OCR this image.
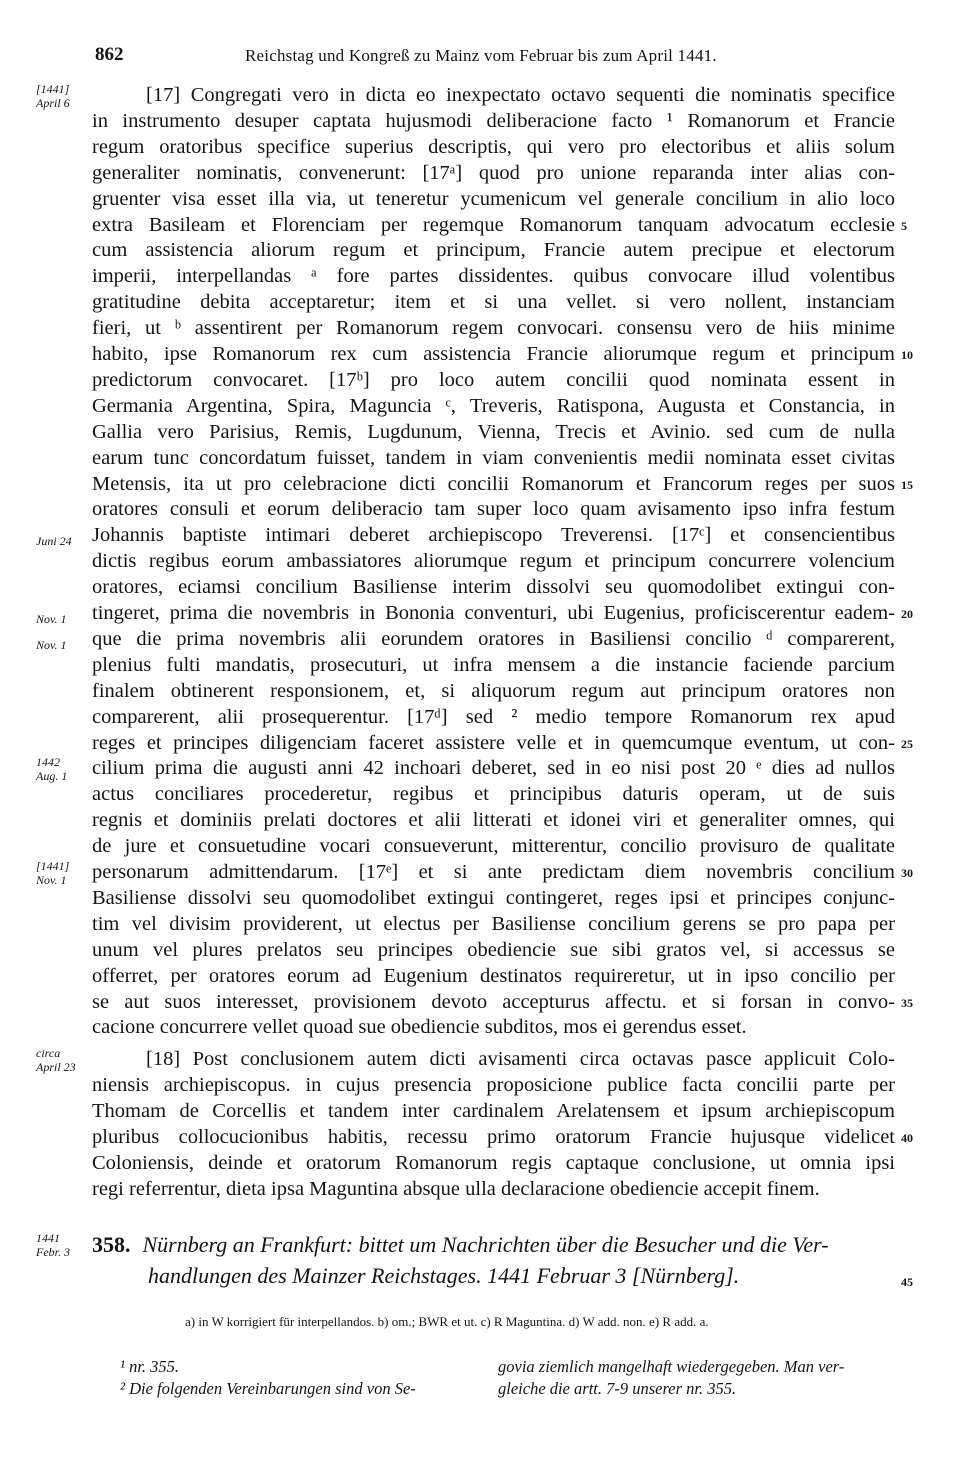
862	Reichstag und Kongreß zu Mainz vom Februar bis zum April 1441.
[17] Congregati vero in dicta eo inexpectato octavo sequenti die nominatis specifice
in instrumento desuper captata hujusmodi deliberacione facto ¹ Romanorum et Francie
regum oratoribus specifice superius descriptis, qui vero pro electoribus et aliis solum
generaliter nominatis, convenerunt: [17ᵃ] quod pro unione reparanda inter alias con-
gruenter visa esset illa via, ut teneretur ycumenicum vel generale concilium in alio loco
extra Basileam et Florenciam per regemque Romanorum tanquam advocatum ecclesie
cum assistencia aliorum regum et principum, Francie autem precipue et electorum
imperii, interpellandas ᵃ fore partes dissidentes. quibus convocare illud volentibus
gratitudine debita acceptaretur; item et si una vellet. si vero nollent, instanciam
fieri, ut ᵇ assentirent per Romanorum regem convocari. consensu vero de hiis minime
habito, ipse Romanorum rex cum assistencia Francie aliorumque regum et principum
predictorum convocaret. [17ᵇ] pro loco autem concilii quod nominata essent in
Germania Argentina, Spira, Maguncia ᶜ, Treveris, Ratispona, Augusta et Constancia, in
Gallia vero Parisius, Remis, Lugdunum, Vienna, Trecis et Avinio. sed cum de nulla
earum tunc concordatum fuisset, tandem in viam convenientis medii nominata esset civitas
Metensis, ita ut pro celebracione dicti concilii Romanorum et Francorum reges per suos
oratores consuli et eorum deliberacio tam super loco quam avisamento ipso infra festum
Johannis baptiste intimari deberet archiepiscopo Treverensi. [17ᶜ] et consencientibus
dictis regibus eorum ambassiatores aliorumque regum et principum concurrere volencium
oratores, eciamsi concilium Basiliense interim dissolvi seu quomodolibet extingui con-
tingeret, prima die novembris in Bononia conventuri, ubi Eugenius, proficiscerentur eadem-
que die prima novembris alii eorundem oratores in Basiliensi concilio ᵈ comparerent,
plenius fulti mandatis, prosecuturi, ut infra mensem a die instancie faciende parcium
finalem obtinerent responsionem, et, si aliquorum regum aut principum oratores non
comparerent, alii prosequerentur. [17ᵈ] sed ² medio tempore Romanorum rex apud
reges et principes diligenciam faceret assistere velle et in quemcumque eventum, ut con-
cilium prima die augusti anni 42 inchoari deberet, sed in eo nisi post 20 ᵉ dies ad nullos
actus conciliares procederetur, regibus et principibus daturis operam, ut de suis
regnis et dominiis prelati doctores et alii litterati et idonei viri et generaliter omnes, qui
de jure et consuetudine vocari consueverunt, mitterentur, concilio provisuro de qualitate
personarum admittendarum. [17ᵉ] et si ante predictam diem novembris concilium
Basiliense dissolvi seu quomodolibet extingui contingeret, reges ipsi et principes conjunc-
tim vel divisim providerent, ut electus per Basiliense concilium gerens se pro papa per
unum vel plures prelatos seu principes obediencie sue sibi gratos vel, si accessus se
offerret, per oratores eorum ad Eugenium destinatos requireretur, ut in ipso concilio per
se aut suos interesset, provisionem devoto accepturus affectu. et si forsan in convo-
cacione concurrere vellet quoad sue obediencie subditos, mos ei gerendus esset.
[18] Post conclusionem autem dicti avisamenti circa octavas pasce applicuit Colo-
niensis archiepiscopus. in cujus presencia proposicione publice facta concilii parte per
Thomam de Corcellis et tandem inter cardinalem Arelatensem et ipsum archiepiscopum
pluribus collocucionibus habitis, recessu primo oratorum Francie hujusque videlicet
Coloniensis, deinde et oratorum Romanorum regis captaque conclusione, ut omnia ipsi
regi referrentur, dieta ipsa Maguntina absque ulla declaracione obediencie accepit finem.
[1441]
April 6
Juni 24
Nov. 1
Nov. 1
1442
Aug. 1
[1441]
Nov. 1
circa
April 23
5
10
15
20
25
30
35
40
1441
Febr. 3 358. Nürnberg an Frankfurt: bittet um Nachrichten über die Besucher und die Ver-
handlungen des Mainzer Reichstages. 1441 Februar 3 [Nürnberg].	45
a) in W korrigiert für interpellandos. b) om.; BWR et ut. c) R Maguntina. d) W add. non. e) R add. a.
¹ nr. 355.
² Die folgenden Vereinbarungen sind von Se-
govia ziemlich mangelhaft wiedergegeben. Man ver-
gleiche die artt. 7-9 unserer nr. 355.
